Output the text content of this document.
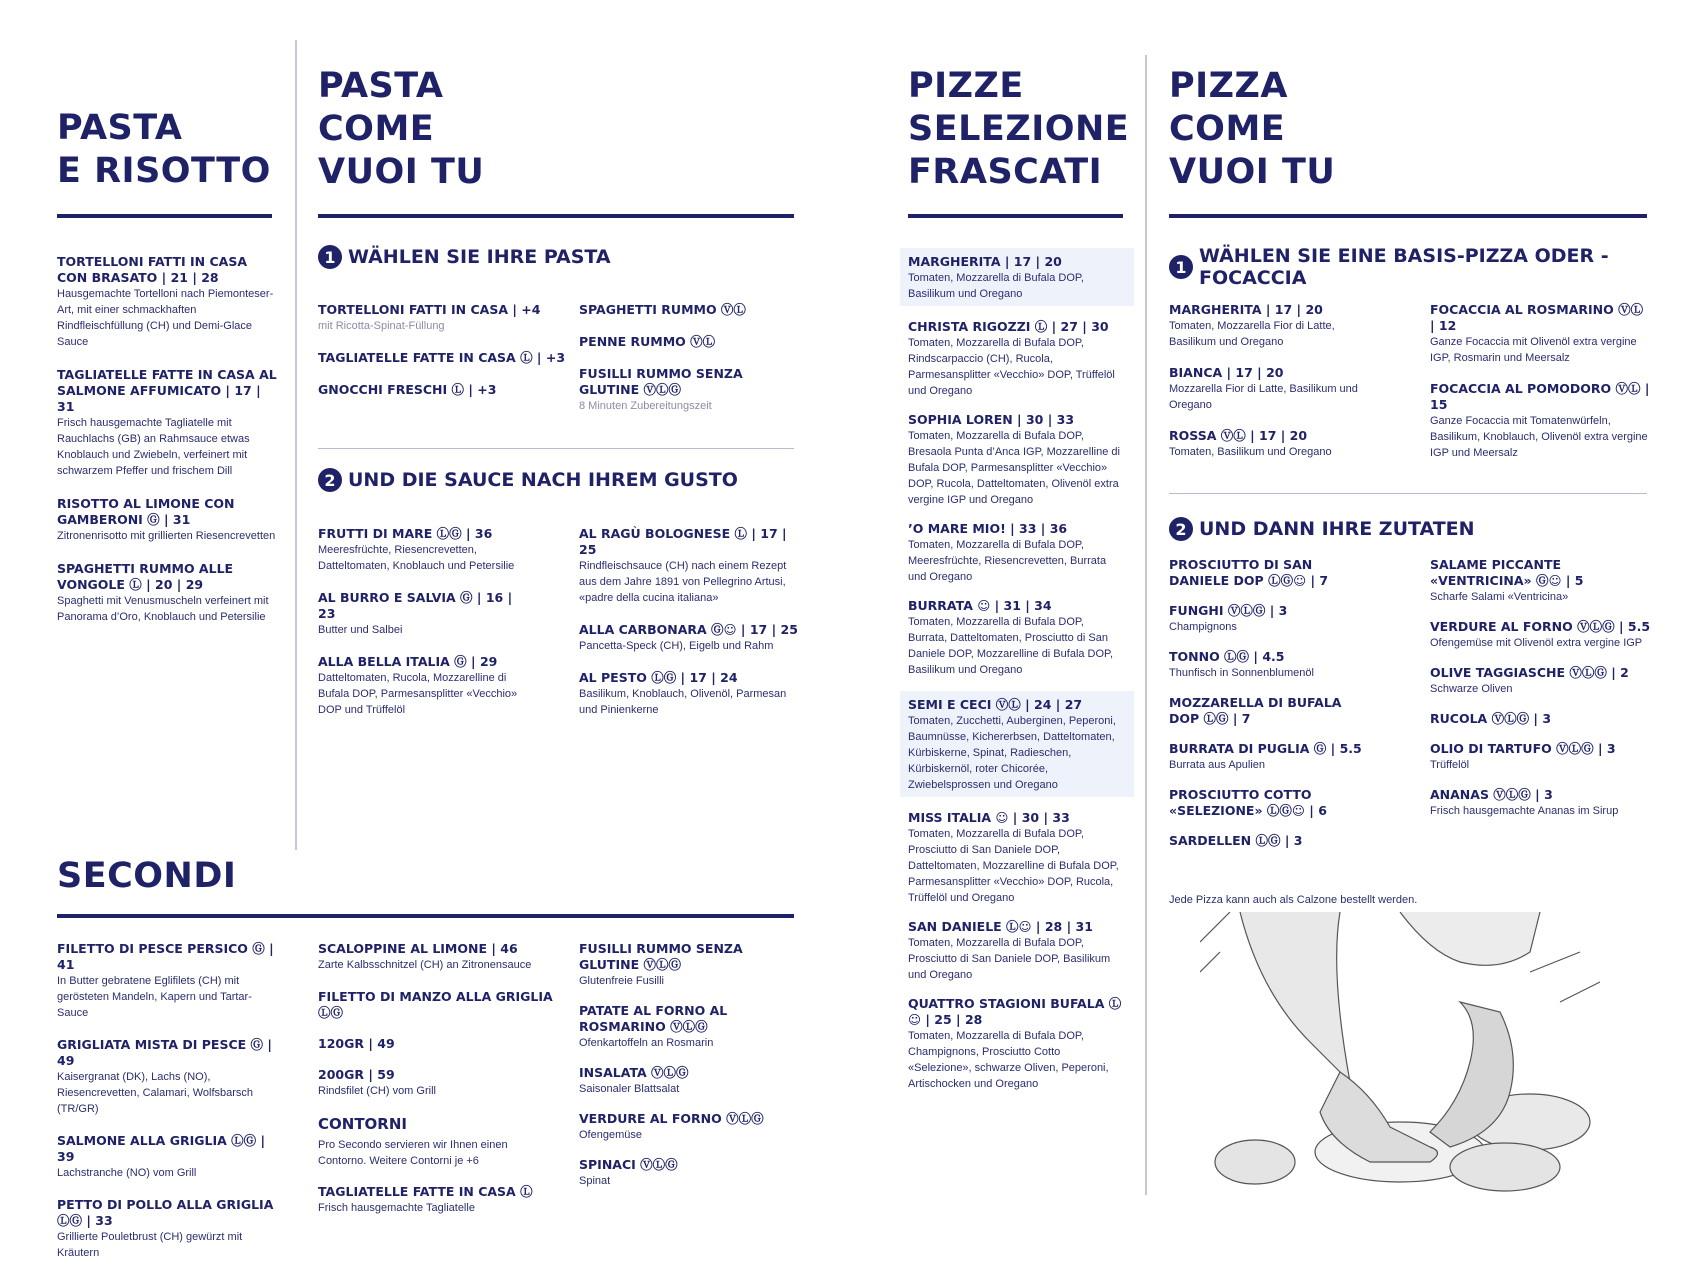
PASTA
E RISOTTO
TORTELLONI FATTI IN CASA CON BRASATO | 21 | 28
Hausgemachte Tortelloni nach Piemonteser-Art, mit einer schmackhaften Rindfleischfüllung (CH) und Demi-Glace Sauce
TAGLIATELLE FATTE IN CASA AL SALMONE AFFUMICATO | 17 | 31
Frisch hausgemachte Tagliatelle mit Rauchlachs (GB) an Rahmsauce etwas Knoblauch und Zwiebeln, verfeinert mit schwarzem Pfeffer und frischem Dill
RISOTTO AL LIMONE CON GAMBERONI Ⓖ | 31
Zitronenrisotto mit grillierten Riesencrevetten
SPAGHETTI RUMMO ALLE VONGOLE Ⓛ | 20 | 29
Spaghetti mit Venusmuscheln verfeinert mit Panorama d’Oro, Knoblauch und Petersilie
PASTA
COME
VUOI TU
1 WÄHLEN SIE IHRE PASTA
TORTELLONI FATTI IN CASA | +4
mit Ricotta-Spinat-Füllung
TAGLIATELLE FATTE IN CASA Ⓛ | +3
GNOCCHI FRESCHI Ⓛ | +3
SPAGHETTI RUMMO ⓋⓁ
PENNE RUMMO ⓋⓁ
FUSILLI RUMMO SENZA GLUTINE ⓋⓁⒼ
8 Minuten Zubereitungszeit
2 UND DIE SAUCE NACH IHREM GUSTO
FRUTTI DI MARE ⓁⒼ | 36
Meeresfrüchte, Riesencrevetten, Datteltomaten, Knoblauch und Petersilie
AL BURRO E SALVIA Ⓖ | 16 | 23
Butter und Salbei
ALLA BELLA ITALIA Ⓖ | 29
Datteltomaten, Rucola, Mozzarelline di Bufala DOP, Parmesansplitter «Vecchio» DOP und Trüffelöl
AL RAGÙ BOLOGNESE Ⓛ | 17 | 25
Rindfleischsauce (CH) nach einem Rezept aus dem Jahre 1891 von Pellegrino Artusi, «padre della cucina italiana»
ALLA CARBONARA Ⓖ☺ | 17 | 25
Pancetta-Speck (CH), Eigelb und Rahm
AL PESTO ⓁⒼ | 17 | 24
Basilikum, Knoblauch, Olivenöl, Parmesan und Pinienkerne
PIZZE
SELEZIONE
FRASCATI
MARGHERITA | 17 | 20
Tomaten, Mozzarella di Bufala DOP, Basilikum und Oregano
CHRISTA RIGOZZI Ⓛ | 27 | 30
Tomaten, Mozzarella di Bufala DOP, Rindscarpaccio (CH), Rucola, Parmesansplitter «Vecchio» DOP, Trüffelöl und Oregano
SOPHIA LOREN | 30 | 33
Tomaten, Mozzarella di Bufala DOP, Bresaola Punta d’Anca IGP, Mozzarelline di Bufala DOP, Parmesansplitter «Vecchio» DOP, Rucola, Datteltomaten, Olivenöl extra vergine IGP und Oregano
’O MARE MIO! | 33 | 36
Tomaten, Mozzarella di Bufala DOP, Meeresfrüchte, Riesencrevetten, Burrata und Oregano
BURRATA ☺ | 31 | 34
Tomaten, Mozzarella di Bufala DOP, Burrata, Datteltomaten, Prosciutto di San Daniele DOP, Mozzarelline di Bufala DOP, Basilikum und Oregano
SEMI E CECI ⓋⓁ | 24 | 27
Tomaten, Zucchetti, Auberginen, Peperoni, Baumnüsse, Kichererbsen, Datteltomaten, Kürbiskerne, Spinat, Radieschen, Kürbiskernöl, roter Chicorée, Zwiebelsprossen und Oregano
MISS ITALIA ☺ | 30 | 33
Tomaten, Mozzarella di Bufala DOP, Prosciutto di San Daniele DOP, Datteltomaten, Mozzarelline di Bufala DOP, Parmesansplitter «Vecchio» DOP, Rucola, Trüffelöl und Oregano
SAN DANIELE Ⓛ☺ | 28 | 31
Tomaten, Mozzarella di Bufala DOP, Prosciutto di San Daniele DOP, Basilikum und Oregano
QUATTRO STAGIONI BUFALA Ⓛ☺ | 25 | 28
Tomaten, Mozzarella di Bufala DOP, Champignons, Prosciutto Cotto «Selezione», schwarze Oliven, Peperoni, Artischocken und Oregano
PIZZA
COME
VUOI TU
1 WÄHLEN SIE EINE BASIS-PIZZA ODER -FOCACCIA
MARGHERITA | 17 | 20
Tomaten, Mozzarella Fior di Latte, Basilikum und Oregano
BIANCA | 17 | 20
Mozzarella Fior di Latte, Basilikum und Oregano
ROSSA ⓋⓁ | 17 | 20
Tomaten, Basilikum und Oregano
FOCACCIA AL ROSMARINO ⓋⓁ | 12
Ganze Focaccia mit Olivenöl extra vergine IGP, Rosmarin und Meersalz
FOCACCIA AL POMODORO ⓋⓁ | 15
Ganze Focaccia mit Tomatenwürfeln, Basilikum, Knoblauch, Olivenöl extra vergine IGP und Meersalz
2 UND DANN IHRE ZUTATEN
PROSCIUTTO DI SAN DANIELE DOP ⓁⒼ☺ | 7
FUNGHI ⓋⓁⒼ | 3
Champignons
TONNO ⓁⒼ | 4.5
Thunfisch in Sonnenblumenöl
MOZZARELLA DI BUFALA DOP ⓁⒼ | 7
BURRATA DI PUGLIA Ⓖ | 5.5
Burrata aus Apulien
PROSCIUTTO COTTO «SELEZIONE» ⓁⒼ☺ | 6
SARDELLEN ⓁⒼ | 3
SALAME PICCANTE «VENTRICINA» Ⓖ☺ | 5
Scharfe Salami «Ventricina»
VERDURE AL FORNO ⓋⓁⒼ | 5.5
Ofengemüse mit Olivenöl extra vergine IGP
OLIVE TAGGIASCHE ⓋⓁⒼ | 2
Schwarze Oliven
RUCOLA ⓋⓁⒼ | 3
OLIO DI TARTUFO ⓋⓁⒼ | 3
Trüffelöl
ANANAS ⓋⓁⒼ | 3
Frisch hausgemachte Ananas im Sirup
Jede Pizza kann auch als Calzone bestellt werden.
SECONDI
FILETTO DI PESCE PERSICO Ⓖ | 41
In Butter gebratene Eglifilets (CH) mit gerösteten Mandeln, Kapern und Tartar-Sauce
GRIGLIATA MISTA DI PESCE Ⓖ | 49
Kaisergranat (DK), Lachs (NO), Riesencrevetten, Calamari, Wolfsbarsch (TR/GR)
SALMONE ALLA GRIGLIA ⓁⒼ | 39
Lachstranche (NO) vom Grill
PETTO DI POLLO ALLA GRIGLIA ⓁⒼ | 33
Grillierte Pouletbrust (CH) gewürzt mit Kräutern
SCALOPPINE AL LIMONE | 46
Zarte Kalbsschnitzel (CH) an Zitronensauce
FILETTO DI MANZO ALLA GRIGLIA ⓁⒼ
120GR | 49
200GR | 59
Rindsfilet (CH) vom Grill
CONTORNI
Pro Secondo servieren wir Ihnen einen Contorno. Weitere Contorni je +6
TAGLIATELLE FATTE IN CASA Ⓛ
Frisch hausgemachte Tagliatelle
FUSILLI RUMMO SENZA GLUTINE ⓋⓁⒼ
Glutenfreie Fusilli
PATATE AL FORNO AL ROSMARINO ⓋⓁⒼ
Ofenkartoffeln an Rosmarin
INSALATA ⓋⓁⒼ
Saisonaler Blattsalat
VERDURE AL FORNO ⓋⓁⒼ
Ofengemüse
SPINACI ⓋⓁⒼ
Spinat
